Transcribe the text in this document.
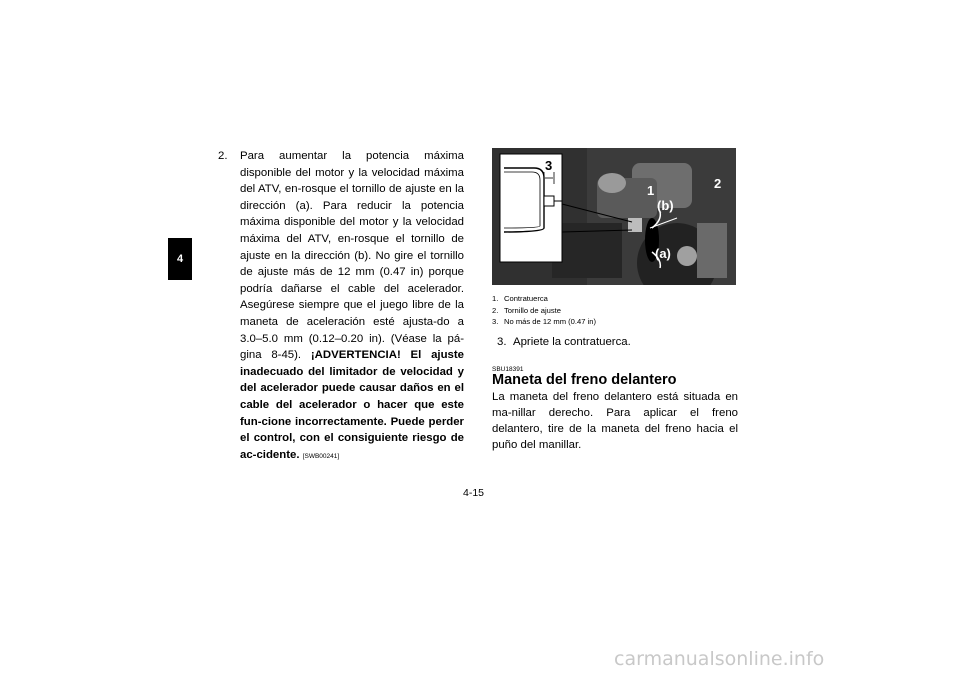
4
2.	Para aumentar la potencia máxima disponible del motor y la velocidad máxima del ATV, en-rosque el tornillo de ajuste en la dirección (a). Para reducir la potencia máxima disponible del motor y la velocidad máxima del ATV, en-rosque el tornillo de ajuste en la dirección (b). No gire el tornillo de ajuste más de 12 mm (0.47 in) porque podría dañarse el cable del acelerador. Asegúrese siempre que el juego libre de la maneta de aceleración esté ajusta-do a 3.0–5.0 mm (0.12–0.20 in). (Véase la pá-gina 8-45). ¡ADVERTENCIA! El ajuste inadecuado del limitador de velocidad y del acelerador puede causar daños en el cable del acelerador o hacer que este fun-cione incorrectamente. Puede perder el control, con el consiguiente riesgo de ac-cidente. [SWB00241]
3
1	2
(b)
(a)
1. Contratuerca
2. Tornillo de ajuste
3. No más de 12 mm (0.47 in)
3. Apriete la contratuerca.
SBU18391
Maneta del freno delantero

La maneta del freno delantero está situada en ma-nillar derecho. Para aplicar el freno delantero, tire de la maneta del freno hacia el puño del manillar.

4-15
carmanualsonline.info
